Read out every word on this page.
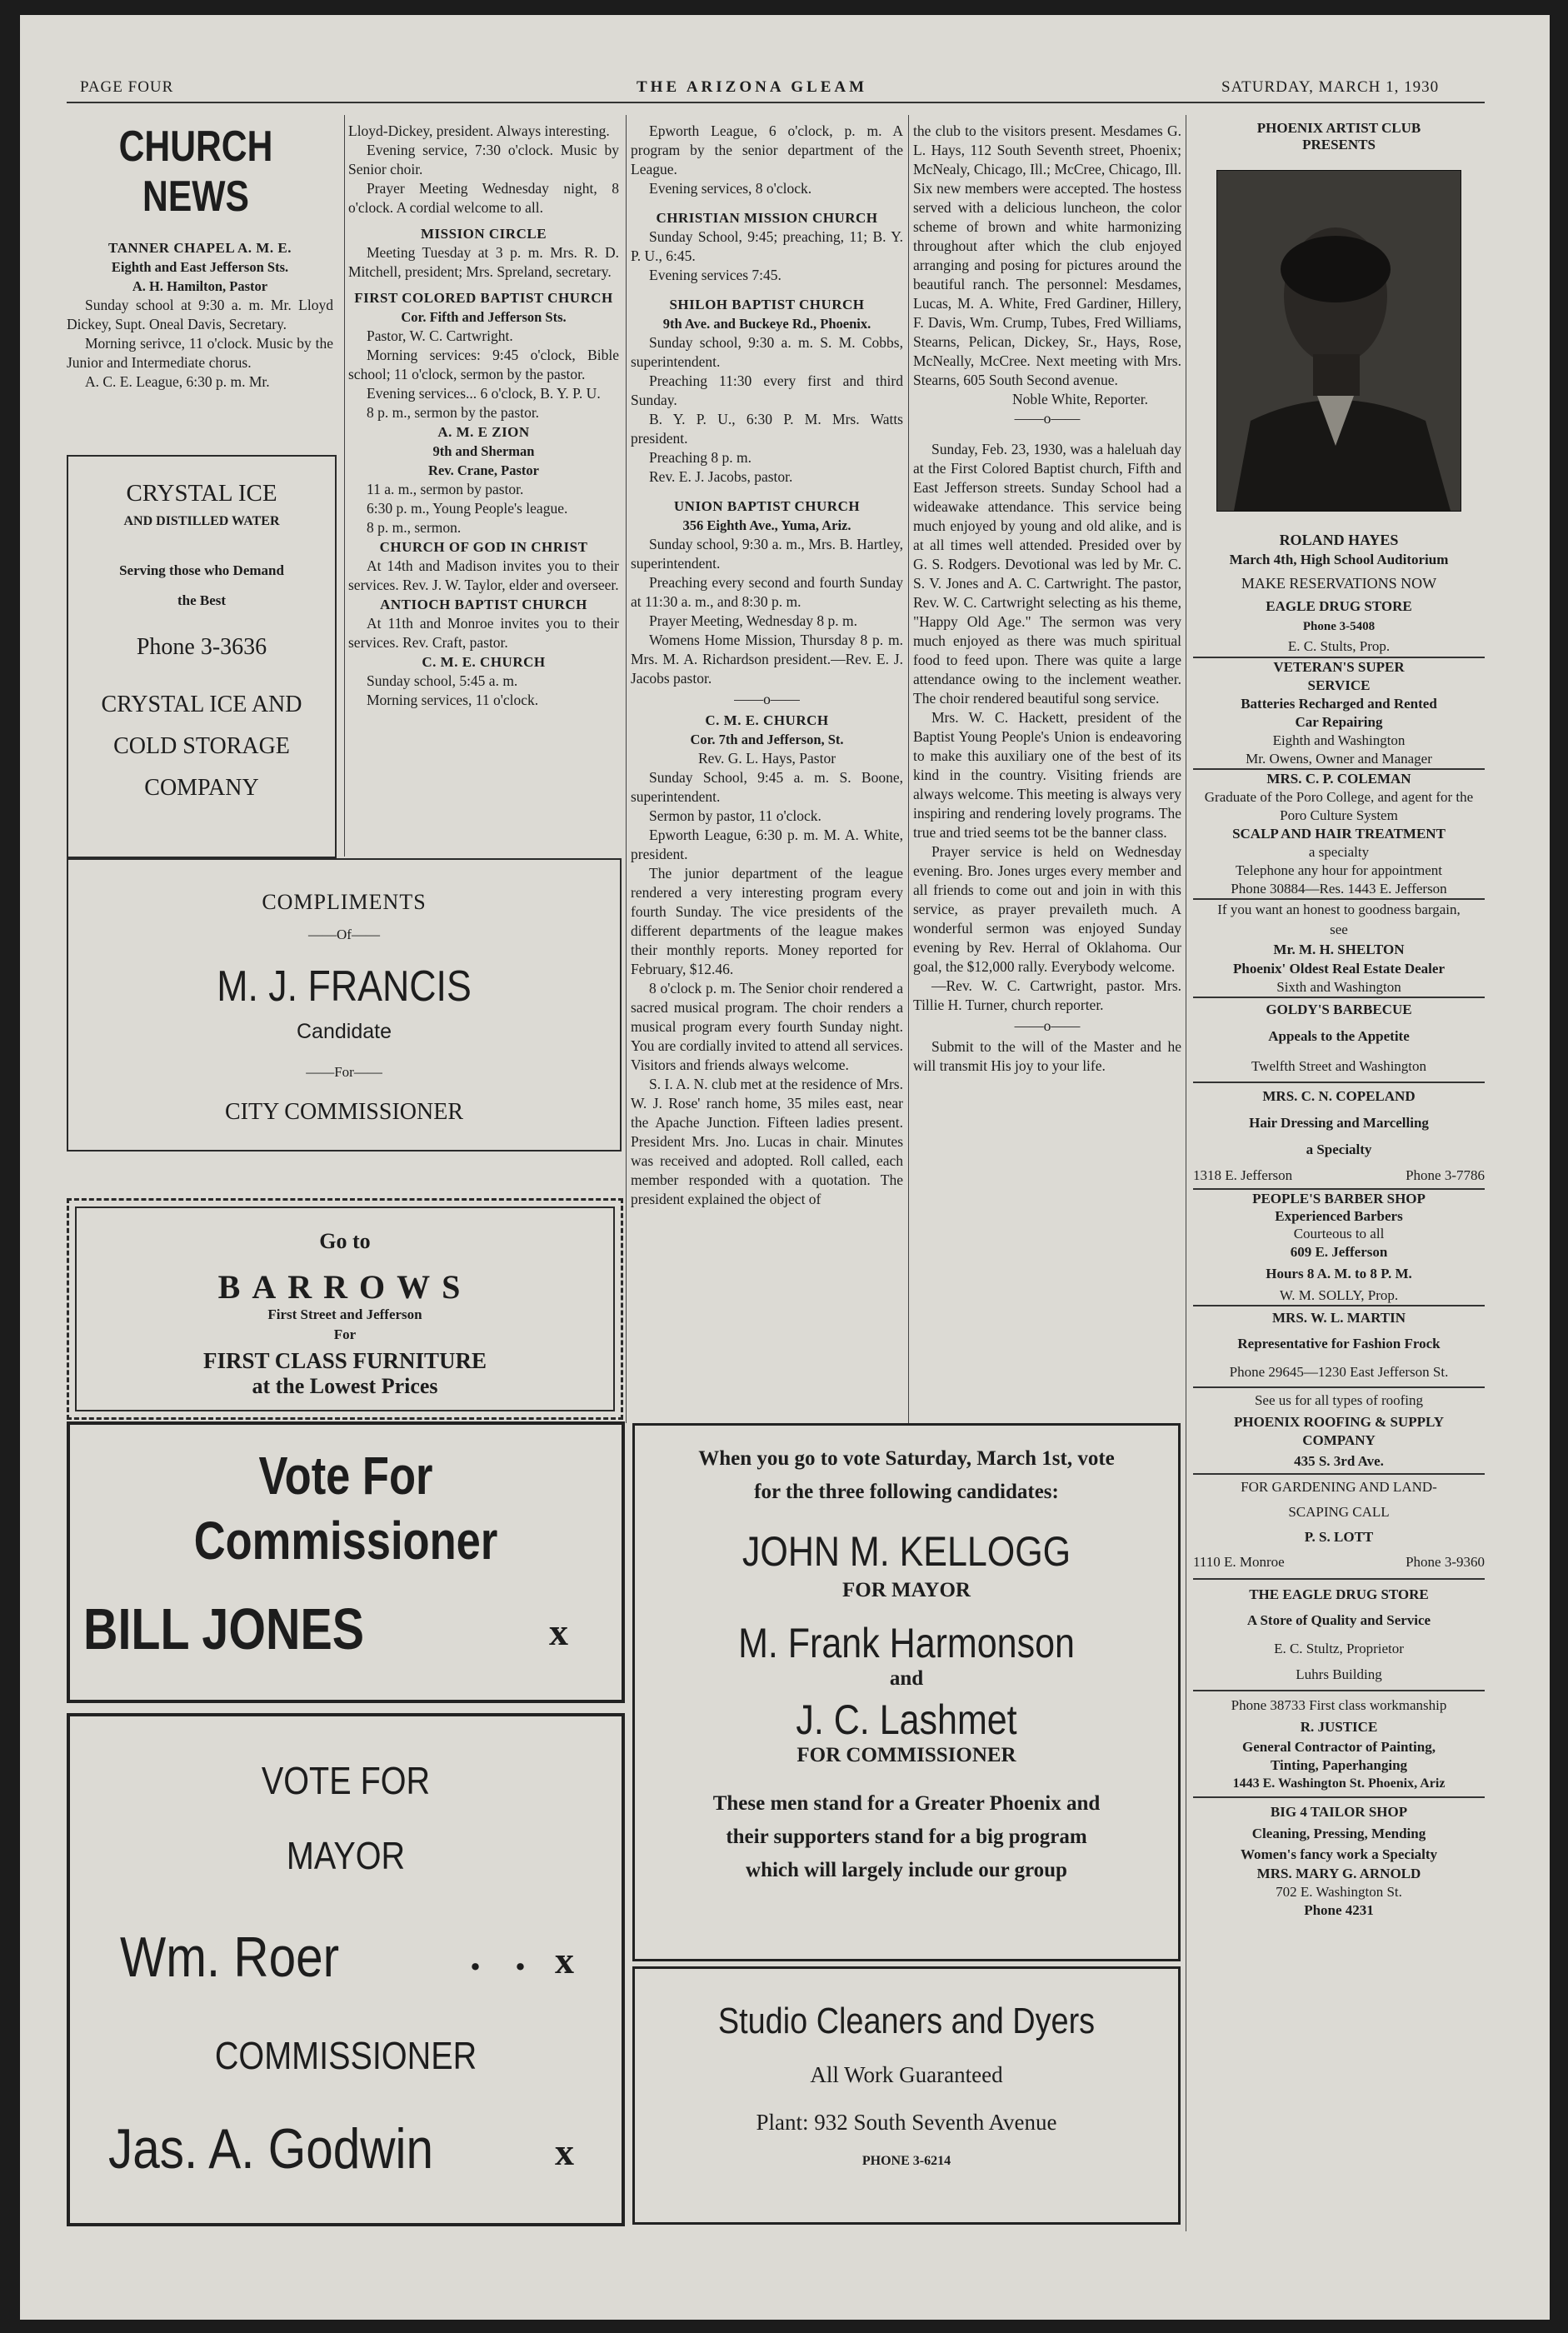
PAGE FOUR	THE ARIZONA GLEAM	SATURDAY, MARCH 1, 1930
CHURCH NEWS
TANNER CHAPEL A. M. E.
Eighth and East Jefferson Sts.
A. H. Hamilton, Pastor

Sunday school at 9:30 a. m. Mr. Lloyd Dickey, Supt. Oneal Davis, Secretary.

Morning serivce, 11 o'clock. Music by the Junior and Intermediate chorus.

A. C. E. League, 6:30 p. m. Mr.

Lloyd-Dickey, president. Always interesting.

Evening service, 7:30 o'clock. Music by Senior choir.

Prayer Meeting Wednesday night, 8 o'clock. A cordial welcome to all.

MISSION CIRCLE

Meeting Tuesday at 3 p. m. Mrs. R. D. Mitchell, president; Mrs. Spreland, secretary.

FIRST COLORED BAPTIST CHURCH
Cor. Fifth and Jefferson Sts.

Pastor, W. C. Cartwright.

Morning services: 9:45 o'clock, Bible school; 11 o'clock, sermon by the pastor.

Evening services... 6 o'clock, B. Y. P. U.

8 p. m., sermon by the pastor.

A. M. E ZION
9th and Sherman
Rev. Crane, Pastor

11 a. m., sermon by pastor.

6:30 p. m., Young People's league.

8 p. m., sermon.

CHURCH OF GOD IN CHRIST

At 14th and Madison invites you to their services. Rev. J. W. Taylor, elder and overseer.

ANTIOCH BAPTIST CHURCH

At 11th and Monroe invites you to their services. Rev. Craft, pastor.

C. M. E. CHURCH

Sunday school, 5:45 a. m.

Morning services, 11 o'clock.

Epworth League, 6 o'clock, p. m. A program by the senior department of the League.

Evening services, 8 o'clock.

CHRISTIAN MISSION CHURCH

Sunday School, 9:45; preaching, 11; B. Y. P. U., 6:45.

Evening services 7:45.

SHILOH BAPTIST CHURCH
9th Ave. and Buckeye Rd., Phoenix.

Sunday school, 9:30 a. m. S. M. Cobbs, superintendent.

Preaching 11:30 every first and third Sunday.

B. Y. P. U., 6:30 P. M. Mrs. Watts president.

Preaching 8 p. m.

Rev. E. J. Jacobs, pastor.

UNION BAPTIST CHURCH
356 Eighth Ave., Yuma, Ariz.

Sunday school, 9:30 a. m., Mrs. B. Hartley, superintendent.

Preaching every second and fourth Sunday at 11:30 a. m., and 8:30 p. m.

Prayer Meeting, Wednesday 8 p. m.

Womens Home Mission, Thursday 8 p. m. Mrs. M. A. Richardson president.—Rev. E. J. Jacobs pastor.

——o——
C. M. E. CHURCH
Cor. 7th and Jefferson, St.
Rev. G. L. Hays, Pastor

Sunday School, 9:45 a. m. S. Boone, superintendent.

Sermon by pastor, 11 o'clock.

Epworth League, 6:30 p. m. M. A. White, president.

The junior department of the league rendered a very interesting program every fourth Sunday. The vice presidents of the different departments of the league makes their monthly reports. Money reported for February, $12.46.

8 o'clock p. m. The Senior choir rendered a sacred musical program. The choir renders a musical program every fourth Sunday night. You are cordially invited to attend all services. Visitors and friends always welcome.

S. I. A. N. club met at the residence of Mrs. W. J. Rose' ranch home, 35 miles east, near the Apache Junction. Fifteen ladies present. President Mrs. Jno. Lucas in chair. Minutes was received and adopted. Roll called, each member responded with a quotation. The president explained the object of

the club to the visitors present. Mesdames G. L. Hays, 112 South Seventh street, Phoenix; McNealy, Chicago, Ill.; McCree, Chicago, Ill. Six new members were accepted. The hostess served with a delicious luncheon, the color scheme of brown and white harmonizing throughout after which the club enjoyed arranging and posing for pictures around the beautiful ranch. The personnel: Mesdames, Lucas, M. A. White, Fred Gardiner, Hillery, F. Davis, Wm. Crump, Tubes, Fred Williams, Stearns, Pelican, Dickey, Sr., Hays, Rose, McNeally, McCree. Next meeting with Mrs. Stearns, 605 South Second avenue.

Noble White, Reporter.
——o——

Sunday, Feb. 23, 1930, was a haleluah day at the First Colored Baptist church, Fifth and East Jefferson streets. Sunday School had a wideawake attendance. This service being much enjoyed by young and old alike, and is at all times well attended. Presided over by G. S. Rodgers. Devotional was led by Mr. C. S. V. Jones and A. C. Cartwright. The pastor, Rev. W. C. Cartwright selecting as his theme, "Happy Old Age." The sermon was very much enjoyed as there was much spiritual food to feed upon. There was quite a large attendance owing to the inclement weather. The choir rendered beautiful song service.

Mrs. W. C. Hackett, president of the Baptist Young People's Union is endeavoring to make this auxiliary one of the best of its kind in the country. Visiting friends are always welcome. This meeting is always very inspiring and rendering lovely programs. The true and tried seems tot be the banner class.

Prayer service is held on Wednesday evening. Bro. Jones urges every member and all friends to come out and join in with this service, as prayer prevaileth much. A wonderful sermon was enjoyed Sunday evening by Rev. Herral of Oklahoma. Our goal, the $12,000 rally. Everybody welcome.

—Rev. W. C. Cartwright, pastor. Mrs. Tillie H. Turner, church reporter.

——o——

Submit to the will of the Master and he will transmit His joy to your life.

CRYSTAL ICE
AND DISTILLED WATER
Serving those who Demand
the Best
Phone 3-3636
CRYSTAL ICE AND
COLD STORAGE
COMPANY
COMPLIMENTS
——Of——
M. J. FRANCIS
Candidate
——For——
CITY COMMISSIONER
Go to
BARROWS
First Street and Jefferson
For
FIRST CLASS FURNITURE
at the Lowest Prices
Vote For
Commissioner
BILL JONES	x
VOTE FOR
MAYOR
Wm. Roer	. . x
COMMISSIONER
Jas. A. Godwin	x
When you go to vote Saturday, March 1st, vote
for the three following candidates:
JOHN M. KELLOGG
FOR MAYOR
M. Frank Harmonson
and
J. C. Lashmet
FOR COMMISSIONER
These men stand for a Greater Phoenix and
their supporters stand for a big program
which will largely include our group
Studio Cleaners and Dyers
All Work Guaranteed
Plant: 932 South Seventh Avenue
PHONE 3-6214
PHOENIX ARTIST CLUB
PRESENTS
ROLAND HAYES
March 4th, High School Auditorium
MAKE RESERVATIONS NOW
EAGLE DRUG STORE
Phone 3-5408
E. C. Stults, Prop.
VETERAN'S SUPER
SERVICE
Batteries Recharged and Rented
Car Repairing
Eighth and Washington
Mr. Owens, Owner and Manager
MRS. C. P. COLEMAN
Graduate of the Poro College, and agent for the Poro Culture System
SCALP AND HAIR TREATMENT
a specialty
Telephone any hour for appointment
Phone 30884—Res. 1443 E. Jefferson
If you want an honest to goodness bargain, see
Mr. M. H. SHELTON
Phoenix' Oldest Real Estate Dealer
Sixth and Washington
GOLDY'S BARBECUE
Appeals to the Appetite
Twelfth Street and Washington
MRS. C. N. COPELAND
Hair Dressing and Marcelling
a Specialty
1318 E. Jefferson	Phone 3-7786
PEOPLE'S BARBER SHOP
Experienced Barbers
Courteous to all
609 E. Jefferson
Hours 8 A. M. to 8 P. M.
W. M. SOLLY, Prop.
MRS. W. L. MARTIN
Representative for Fashion Frock
Phone 29645—1230 East Jefferson St.
See us for all types of roofing
PHOENIX ROOFING & SUPPLY
COMPANY
435 S. 3rd Ave.
FOR GARDENING AND LAND-
SCAPING CALL
P. S. LOTT
1110 E. Monroe	Phone 3-9360
THE EAGLE DRUG STORE
A Store of Quality and Service
E. C. Stultz, Proprietor
Luhrs Building
Phone 38733 First class workmanship
R. JUSTICE
General Contractor of Painting,
Tinting, Paperhanging
1443 E. Washington St. Phoenix, Ariz
BIG 4 TAILOR SHOP
Cleaning, Pressing, Mending
Women's fancy work a Specialty
MRS. MARY G. ARNOLD
702 E. Washington St.
Phone 4231
